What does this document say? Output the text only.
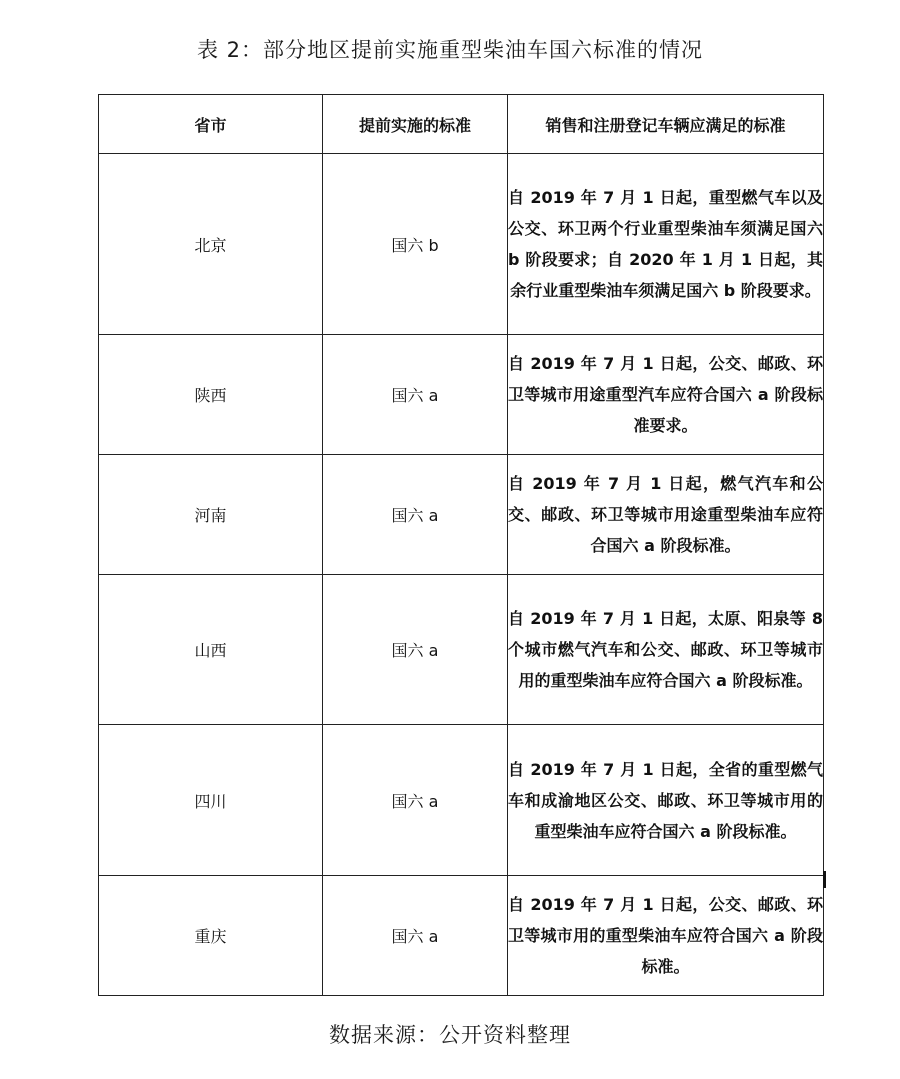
表 2：部分地区提前实施重型柴油车国六标准的情况
省市	提前实施的标准	销售和注册登记车辆应满足的标准
北京	国六 b	自 2019 年 7 月 1 日起，重型燃气车以及公交、环卫两个行业重型柴油车须满足国六 b 阶段要求；自 2020 年 1 月 1 日起，其余行业重型柴油车须满足国六 b 阶段要求。
陕西	国六 a	自 2019 年 7 月 1 日起，公交、邮政、环卫等城市用途重型汽车应符合国六 a 阶段标准要求。
河南	国六 a	自 2019 年 7 月 1 日起，燃气汽车和公交、邮政、环卫等城市用途重型柴油车应符合国六 a 阶段标准。
山西	国六 a	自 2019 年 7 月 1 日起，太原、阳泉等 8 个城市燃气汽车和公交、邮政、环卫等城市用的重型柴油车应符合国六 a 阶段标准。
四川	国六 a	自 2019 年 7 月 1 日起，全省的重型燃气车和成渝地区公交、邮政、环卫等城市用的重型柴油车应符合国六 a 阶段标准。
重庆	国六 a	自 2019 年 7 月 1 日起，公交、邮政、环卫等城市用的重型柴油车应符合国六 a 阶段标准。
数据来源：公开资料整理
